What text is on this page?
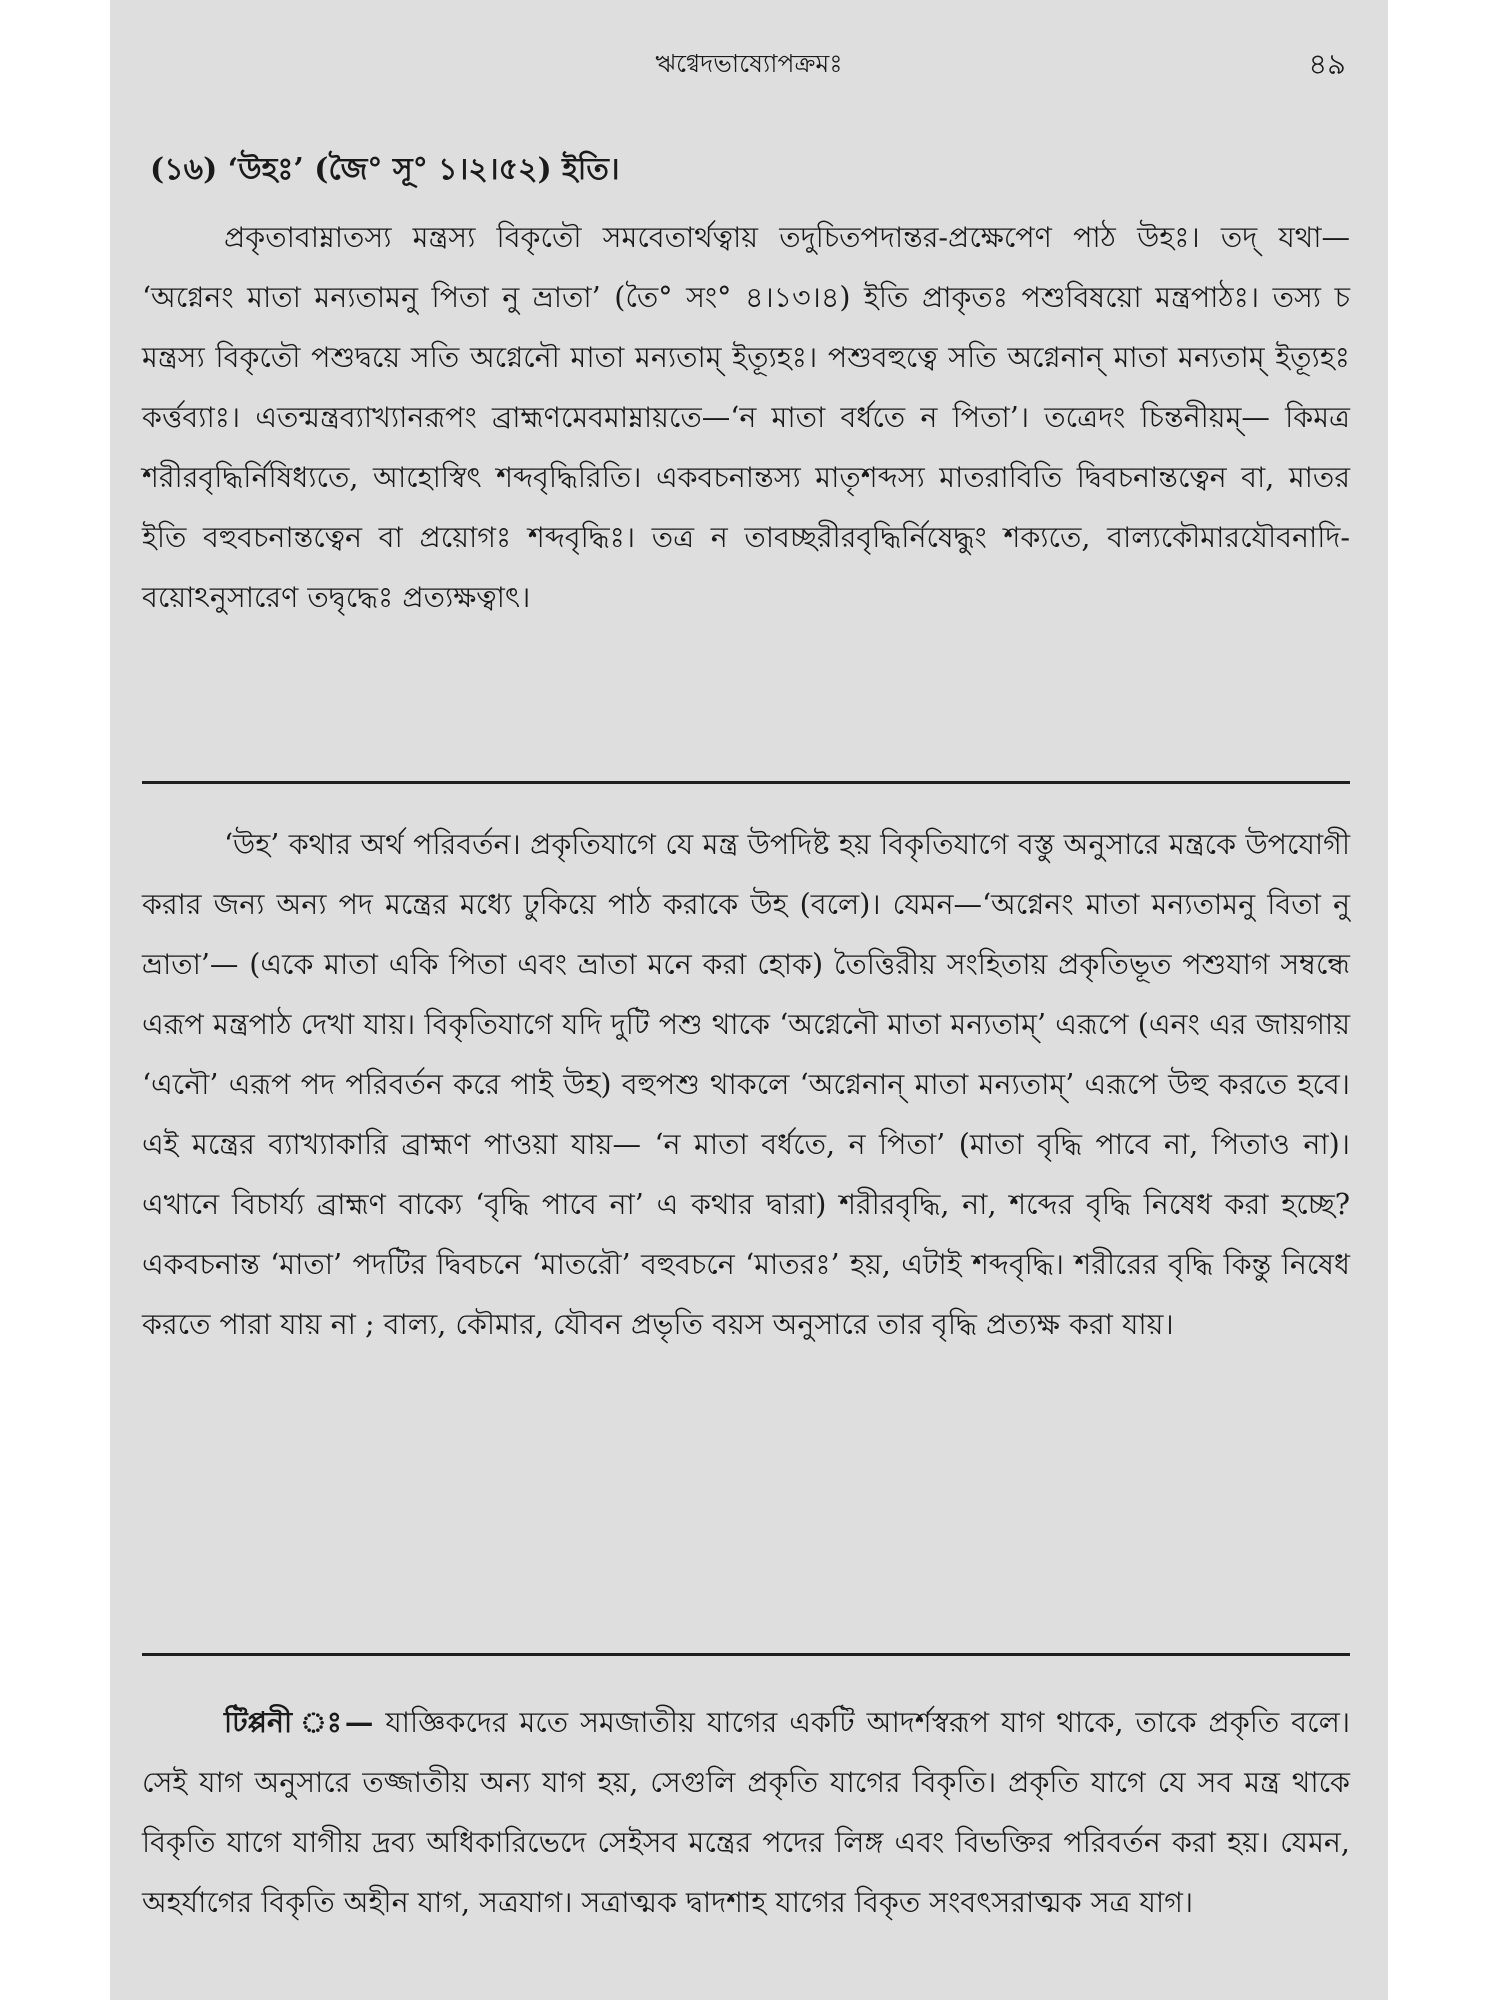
ঋগ্বেদভাষ্যোপক্রমঃ	৪৯
(১৬) ‘উহঃ’ (জৈ° সূ° ১।২।৫২) ইতি।

প্রকৃতাবাম্নাতস্য মন্ত্রস্য বিকৃতৌ সমবেতার্থত্বায় তদুচিতপদান্তর-প্রক্ষেপেণ পাঠ উহঃ। তদ্ যথা— ‘অগ্নেনং মাতা মন্যতামনু পিতা নু ভ্রাতা’ (তৈ° সং° ৪।১৩।৪) ইতি প্রাকৃতঃ পশুবিষয়ো মন্ত্রপাঠঃ। তস্য চ মন্ত্রস্য বিকৃতৌ পশুদ্বয়ে সতি অগ্নেনৌ মাতা মন্যতাম্ ইত্যূহঃ। পশুবহুত্বে সতি অগ্নেনান্ মাতা মন্যতাম্ ইত্যূহঃ কর্ত্তব্যাঃ। এতন্মন্ত্রব্যাখ্যানরূপং ব্রাহ্মণমেবমাম্নায়তে—‘ন মাতা বর্ধতে ন পিতা’। তত্রেদং চিন্তনীয়ম্— কিমত্র শরীরবৃদ্ধির্নিষিধ্যতে, আহোস্বিৎ শব্দবৃদ্ধিরিতি। একবচনান্তস্য মাতৃশব্দস্য মাতরাবিতি দ্বিবচনান্তত্বেন বা, মাতর ইতি বহুবচনান্তত্বেন বা প্রয়োগঃ শব্দবৃদ্ধিঃ। তত্র ন তাবচ্ছরীরবৃদ্ধির্নিষেদ্ধুং শক্যতে, বাল্যকৌমারযৌবনাদি-বয়োঽনুসারেণ তদ্বৃদ্ধেঃ প্রত্যক্ষত্বাৎ।

‘উহ’ কথার অর্থ পরিবর্তন। প্রকৃতিযাগে যে মন্ত্র উপদিষ্ট হয় বিকৃতিযাগে বস্তু অনুসারে মন্ত্রকে উপযোগী করার জন্য অন্য পদ মন্ত্রের মধ্যে ঢুকিয়ে পাঠ করাকে উহ (বলে)। যেমন—‘অগ্নেনং মাতা মন্যতামনু বিতা নু ভ্রাতা’— (একে মাতা একি পিতা এবং ভ্রাতা মনে করা হোক) তৈত্তিরীয় সংহিতায় প্রকৃতিভূত পশুযাগ সম্বন্ধে এরূপ মন্ত্রপাঠ দেখা যায়। বিকৃতিযাগে যদি দুটি পশু থাকে ‘অগ্নেনৌ মাতা মন্যতাম্’ এরূপে (এনং এর জায়গায় ‘এনৌ’ এরূপ পদ পরিবর্তন করে পাই উহ) বহুপশু থাকলে ‘অগ্নেনান্ মাতা মন্যতাম্’ এরূপে উহু করতে হবে। এই মন্ত্রের ব্যাখ্যাকারি ব্রাহ্মণ পাওয়া যায়— ‘ন মাতা বর্ধতে, ন পিতা’ (মাতা বৃদ্ধি পাবে না, পিতাও না)। এখানে বিচার্য্য ব্রাহ্মণ বাক্যে ‘বৃদ্ধি পাবে না’ এ কথার দ্বারা) শরীরবৃদ্ধি, না, শব্দের বৃদ্ধি নিষেধ করা হচ্ছে? একবচনান্ত ‘মাতা’ পদটির দ্বিবচনে ‘মাতরৌ’ বহুবচনে ‘মাতরঃ’ হয়, এটাই শব্দবৃদ্ধি। শরীরের বৃদ্ধি কিন্তু নিষেধ করতে পারা যায় না ; বাল্য, কৌমার, যৌবন প্রভৃতি বয়স অনুসারে তার বৃদ্ধি প্রত্যক্ষ করা যায়।

টিপ্পনী ঃ— যাজ্ঞিকদের মতে সমজাতীয় যাগের একটি আদর্শস্বরূপ যাগ থাকে, তাকে প্রকৃতি বলে। সেই যাগ অনুসারে তজ্জাতীয় অন্য যাগ হয়, সেগুলি প্রকৃতি যাগের বিকৃতি। প্রকৃতি যাগে যে সব মন্ত্র থাকে বিকৃতি যাগে যাগীয় দ্রব্য অধিকারিভেদে সেইসব মন্ত্রের পদের লিঙ্গ এবং বিভক্তির পরিবর্তন করা হয়। যেমন, অহর্যাগের বিকৃতি অহীন যাগ, সত্রযাগ। সত্রাত্মক দ্বাদশাহ যাগের বিকৃত সংবৎসরাত্মক সত্র যাগ।
